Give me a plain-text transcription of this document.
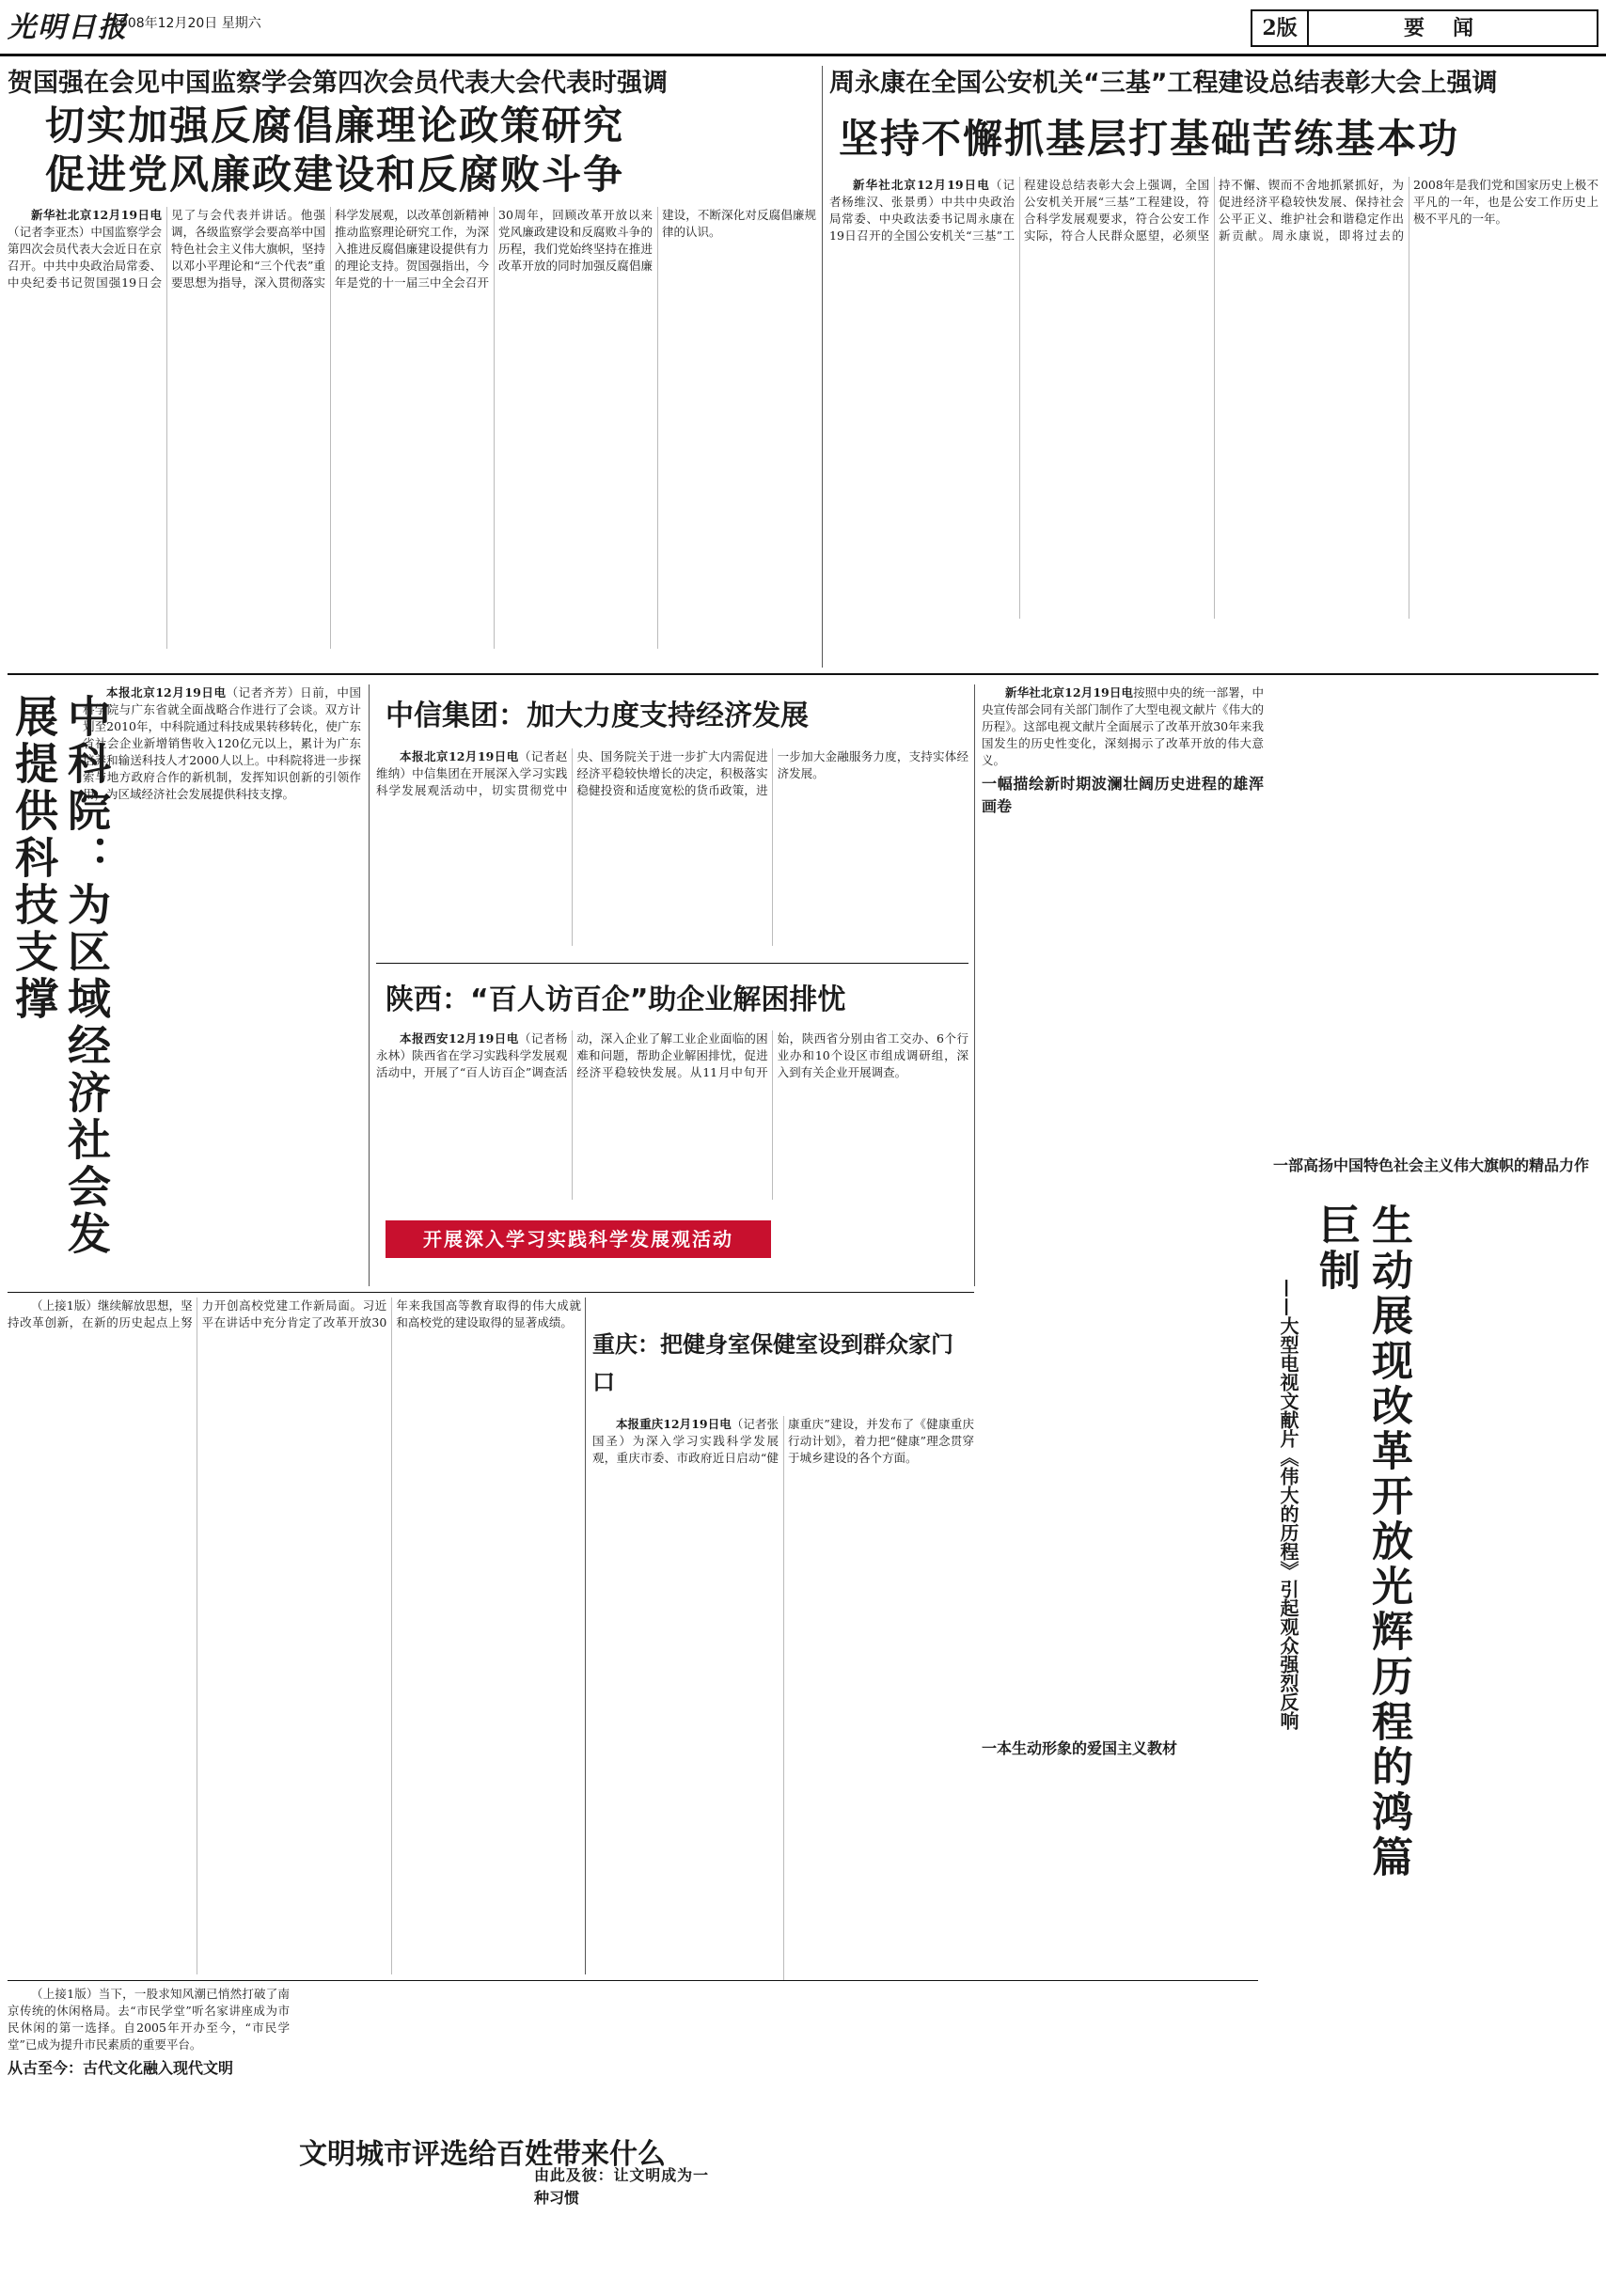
光明日报
2008年12月20日 星期六	2版	要闻
贺国强在会见中国监察学会第四次会员代表大会代表时强调
切实加强反腐倡廉理论政策研究
促进党风廉政建设和反腐败斗争

新华社北京12月19日电（记者李亚杰）中国监察学会第四次会员代表大会近日在京召开。中共中央政治局常委、中央纪委书记贺国强19日会见了与会代表并讲话。他强调，各级监察学会要高举中国特色社会主义伟大旗帜，坚持以邓小平理论和“三个代表”重要思想为指导，深入贯彻落实科学发展观，以改革创新精神推动监察理论研究工作，为深入推进反腐倡廉建设提供有力的理论支持。贺国强指出，今年是党的十一届三中全会召开30周年，回顾改革开放以来党风廉政建设和反腐败斗争的历程，我们党始终坚持在推进改革开放的同时加强反腐倡廉建设，不断深化对反腐倡廉规律的认识。

周永康在全国公安机关“三基”工程建设总结表彰大会上强调
坚持不懈抓基层打基础苦练基本功

新华社北京12月19日电（记者杨维汉、张景勇）中共中央政治局常委、中央政法委书记周永康在19日召开的全国公安机关“三基”工程建设总结表彰大会上强调，全国公安机关开展“三基”工程建设，符合科学发展观要求，符合公安工作实际，符合人民群众愿望，必须坚持不懈、锲而不舍地抓紧抓好，为促进经济平稳较快发展、保持社会公平正义、维护社会和谐稳定作出新贡献。周永康说，即将过去的2008年是我们党和国家历史上极不平凡的一年，也是公安工作历史上极不平凡的一年。

中科院：为区域经济社会发展提供科技支撑

本报北京12月19日电（记者齐芳）日前，中国科学院与广东省就全面战略合作进行了会谈。双方计划至2010年，中科院通过科技成果转移转化，使广东省社会企业新增销售收入120亿元以上，累计为广东培养和输送科技人才2000人以上。中科院将进一步探索与地方政府合作的新机制，发挥知识创新的引领作用，为区域经济社会发展提供科技支撑。

中信集团：加大力度支持经济发展

本报北京12月19日电（记者赵维纳）中信集团在开展深入学习实践科学发展观活动中，切实贯彻党中央、国务院关于进一步扩大内需促进经济平稳较快增长的决定，积极落实稳健投资和适度宽松的货币政策，进一步加大金融服务力度，支持实体经济发展。

陕西：“百人访百企”助企业解困排忧

本报西安12月19日电（记者杨永林）陕西省在学习实践科学发展观活动中，开展了“百人访百企”调查活动，深入企业了解工业企业面临的困难和问题，帮助企业解困排忧，促进经济平稳较快发展。从11月中旬开始，陕西省分别由省工交办、6个行业办和10个设区市组成调研组，深入到有关企业开展调查。

开展深入学习实践科学发展观活动

新华社北京12月19日电按照中央的统一部署，中央宣传部会同有关部门制作了大型电视文献片《伟大的历程》。这部电视文献片全面展示了改革开放30年来我国发生的历史性变化，深刻揭示了改革开放的伟大意义。

一幅描绘新时期波澜壮阔历史进程的雄浑画卷

一部高扬中国特色社会主义伟大旗帜的精品力作

一本生动形象的爱国主义教材	生动展现改革开放光辉历程的鸿篇巨制
——大型电视文献片《伟大的历程》引起观众强烈反响

（上接1版）继续解放思想，坚持改革创新，在新的历史起点上努力开创高校党建工作新局面。习近平在讲话中充分肯定了改革开放30年来我国高等教育取得的伟大成就和高校党的建设取得的显著成绩。

重庆：把健身室保健室设到群众家门口

本报重庆12月19日电（记者张国圣）为深入学习实践科学发展观，重庆市委、市政府近日启动“健康重庆”建设，并发布了《健康重庆行动计划》，着力把“健康”理念贯穿于城乡建设的各个方面。

（上接1版）当下，一股求知风潮已悄然打破了南京传统的休闲格局。去“市民学堂”听名家讲座成为市民休闲的第一选择。自2005年开办至今，“市民学堂”已成为提升市民素质的重要平台。

从古至今：古代文化融入现代文明

文明城市评选给百姓带来什么

由此及彼：让文明成为一种习惯
